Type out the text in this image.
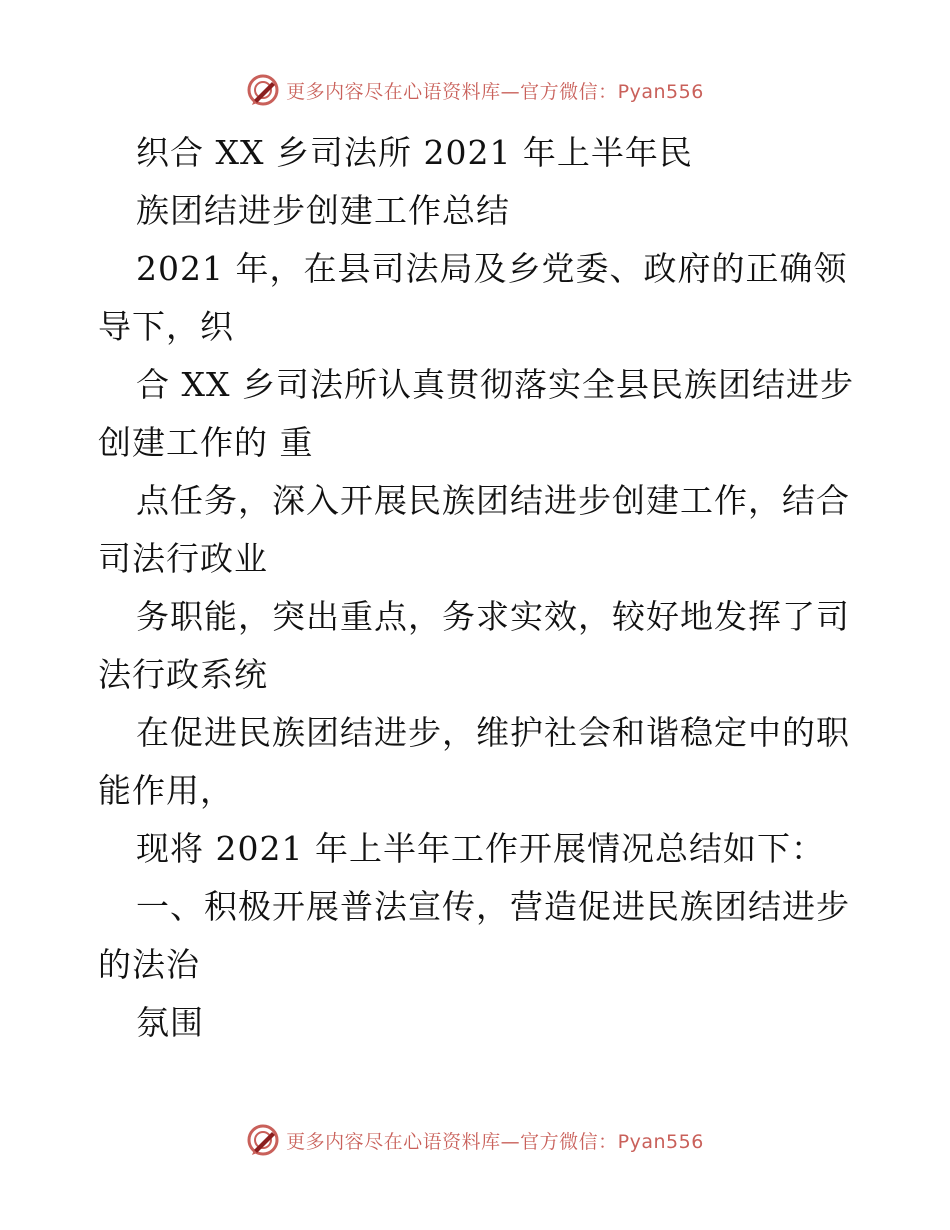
更多内容尽在心语资料库—官方微信：Pyan556
织合 XX 乡司法所 2021 年上半年民
族团结进步创建工作总结
2021 年，在县司法局及乡党委、政府的正确领
导下，织
合 XX 乡司法所认真贯彻落实全县民族团结进步
创建工作的 重
点任务，深入开展民族团结进步创建工作，结合
司法行政业
务职能，突出重点，务求实效，较好地发挥了司
法行政系统
在促进民族团结进步，维护社会和谐稳定中的职
能作用，
现将 2021 年上半年工作开展情况总结如下：
一、积极开展普法宣传，营造促进民族团结进步
的法治
氛围
更多内容尽在心语资料库—官方微信：Pyan556
